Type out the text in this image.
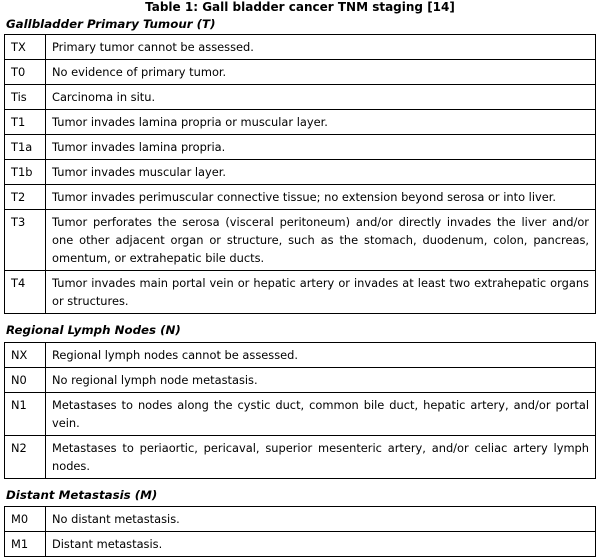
Table 1: Gall bladder cancer TNM staging [14]
Gallbladder Primary Tumour (T)
TX	Primary tumor cannot be assessed.
T0	No evidence of primary tumor.
Tis	Carcinoma in situ.
T1	Tumor invades lamina propria or muscular layer.
T1a	Tumor invades lamina propria.
T1b	Tumor invades muscular layer.
T2	Tumor invades perimuscular connective tissue; no extension beyond serosa or into liver.
T3	Tumor perforates the serosa (visceral peritoneum) and/or directly invades the liver and/or one other adjacent organ or structure, such as the stomach, duodenum, colon, pancreas, omentum, or extrahepatic bile ducts.
T4	Tumor invades main portal vein or hepatic artery or invades at least two extrahepatic organs or structures.
Regional Lymph Nodes (N)
NX	Regional lymph nodes cannot be assessed.
N0	No regional lymph node metastasis.
N1	Metastases to nodes along the cystic duct, common bile duct, hepatic artery, and/or portal vein.
N2	Metastases to periaortic, pericaval, superior mesenteric artery, and/or celiac artery lymph nodes.
Distant Metastasis (M)
M0	No distant metastasis.
M1	Distant metastasis.
